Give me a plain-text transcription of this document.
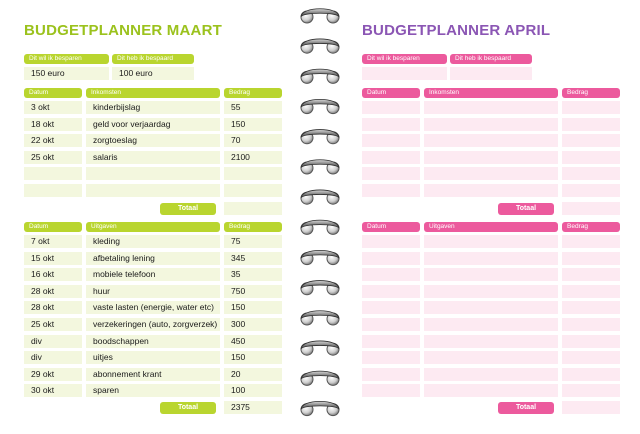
BUDGETPLANNER MAART
Dit wil ik besparen
150 euro
Dit heb ik bespaard
100 euro
Datum	Inkomsten	Bedrag
3 okt	kinderbijslag	55
18 okt	geld voor verjaardag	150
22 okt	zorgtoeslag	70
25 okt	salaris	2100
Totaal
Datum	Uitgaven	Bedrag
7 okt	kleding	75
15 okt	afbetaling lening	345
16 okt	mobiele telefoon	35
28 okt	huur	750
28 okt	vaste lasten (energie, water etc)	150
25 okt	verzekeringen (auto, zorgverzek)	300
div	boodschappen	450
div	uitjes	150
29 okt	abonnement krant	20
30 okt	sparen	100
Totaal	2375
BUDGETPLANNER APRIL
Dit wil ik besparen	Dit heb ik bespaard
Datum	Inkomsten	Bedrag
Totaal
Datum	Uitgaven	Bedrag
Totaal
